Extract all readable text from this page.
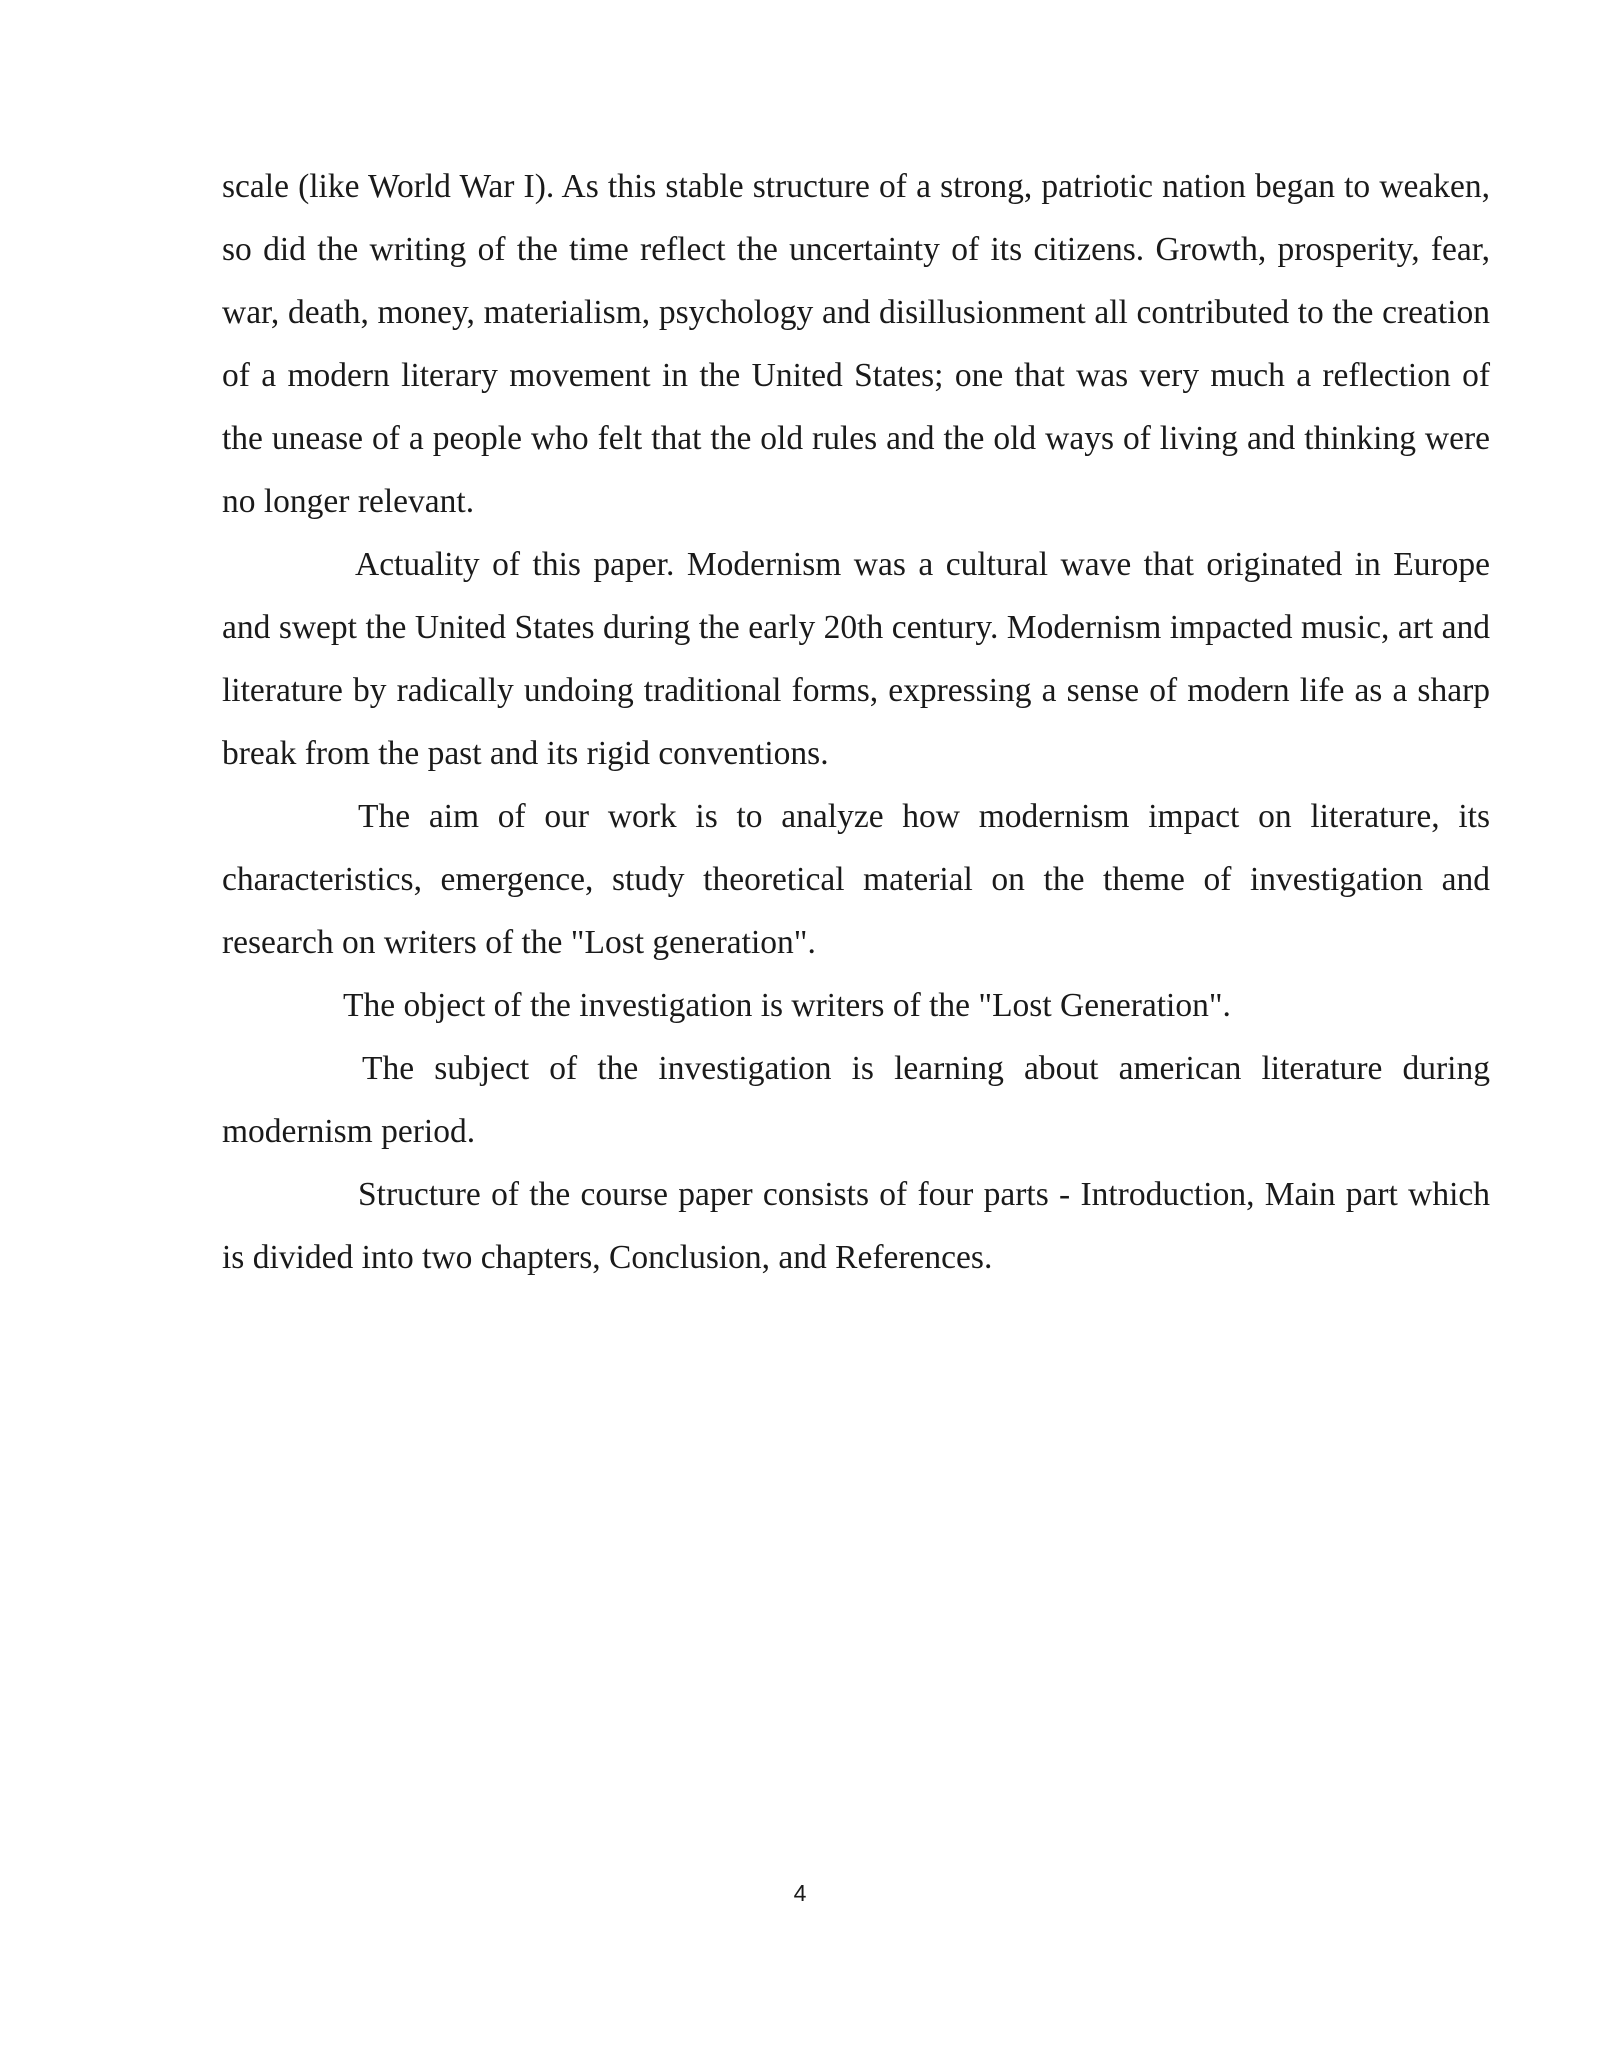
scale (like World War I). As this stable structure of a strong, patriotic nation began to weaken, so did the writing of the time reflect the uncertainty of its citizens. Growth, prosperity, fear, war, death, money, materialism, psychology and disillusionment all contributed to the creation of a modern literary movement in the United States; one that was very much a reflection of the unease of a people who felt that the old rules and the old ways of living and thinking were no longer relevant.

Actuality of this paper. Modernism was a cultural wave that originated in Europe and swept the United States during the early 20th century. Modernism impacted music, art and literature by radically undoing traditional forms, expressing a sense of modern life as a sharp break from the past and its rigid conventions.

The aim of our work is to analyze how modernism impact on literature, its characteristics, emergence, study theoretical material on the theme of investigation and research on writers of the "Lost generation".

The object of the investigation is writers of the "Lost Generation".

The subject of the investigation is learning about american literature during modernism period.

Structure of the course paper consists of four parts - Introduction, Main part which is divided into two chapters, Conclusion, and References.

4
